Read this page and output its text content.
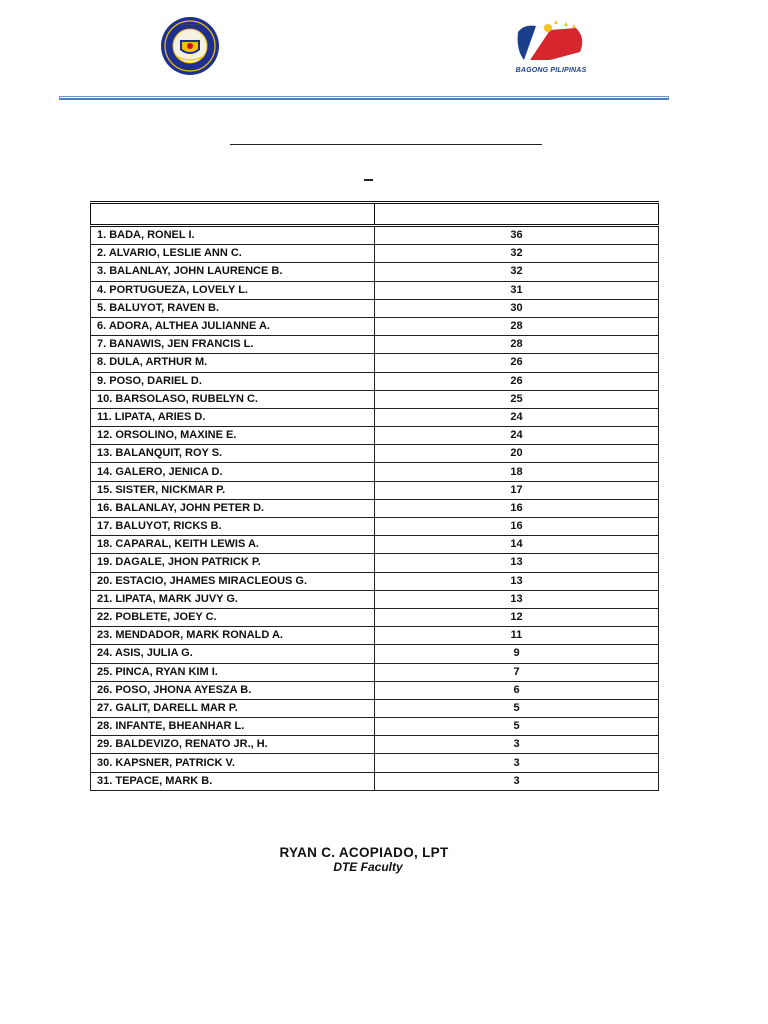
· · · · · · · ·
BAGONG PILIPINAS

1. BADA, RONEL I.	36
2. ALVARIO, LESLIE ANN C.	32
3. BALANLAY, JOHN LAURENCE B.	32
4. PORTUGUEZA, LOVELY L.	31
5. BALUYOT, RAVEN B.	30
6. ADORA, ALTHEA JULIANNE A.	28
7. BANAWIS, JEN FRANCIS L.	28
8. DULA, ARTHUR M.	26
9. POSO, DARIEL D.	26
10. BARSOLASO, RUBELYN C.	25
11. LIPATA, ARIES D.	24
12. ORSOLINO, MAXINE E.	24
13. BALANQUIT, ROY S.	20
14. GALERO, JENICA D.	18
15. SISTER, NICKMAR P.	17
16. BALANLAY, JOHN PETER D.	16
17. BALUYOT, RICKS B.	16
18. CAPARAL, KEITH LEWIS A.	14
19. DAGALE, JHON PATRICK P.	13
20. ESTACIO, JHAMES MIRACLEOUS G.	13
21. LIPATA, MARK JUVY G.	13
22. POBLETE, JOEY C.	12
23. MENDADOR, MARK RONALD A.	11
24. ASIS, JULIA G.	9
25. PINCA, RYAN KIM I.	7
26. POSO, JHONA AYESZA B.	6
27. GALIT, DARELL MAR P.	5
28. INFANTE, BHEANHAR L.	5
29. BALDEVIZO, RENATO JR., H.	3
30. KAPSNER, PATRICK V.	3
31. TEPACE, MARK B.	3
RYAN C. ACOPIADO, LPT
DTE Faculty
